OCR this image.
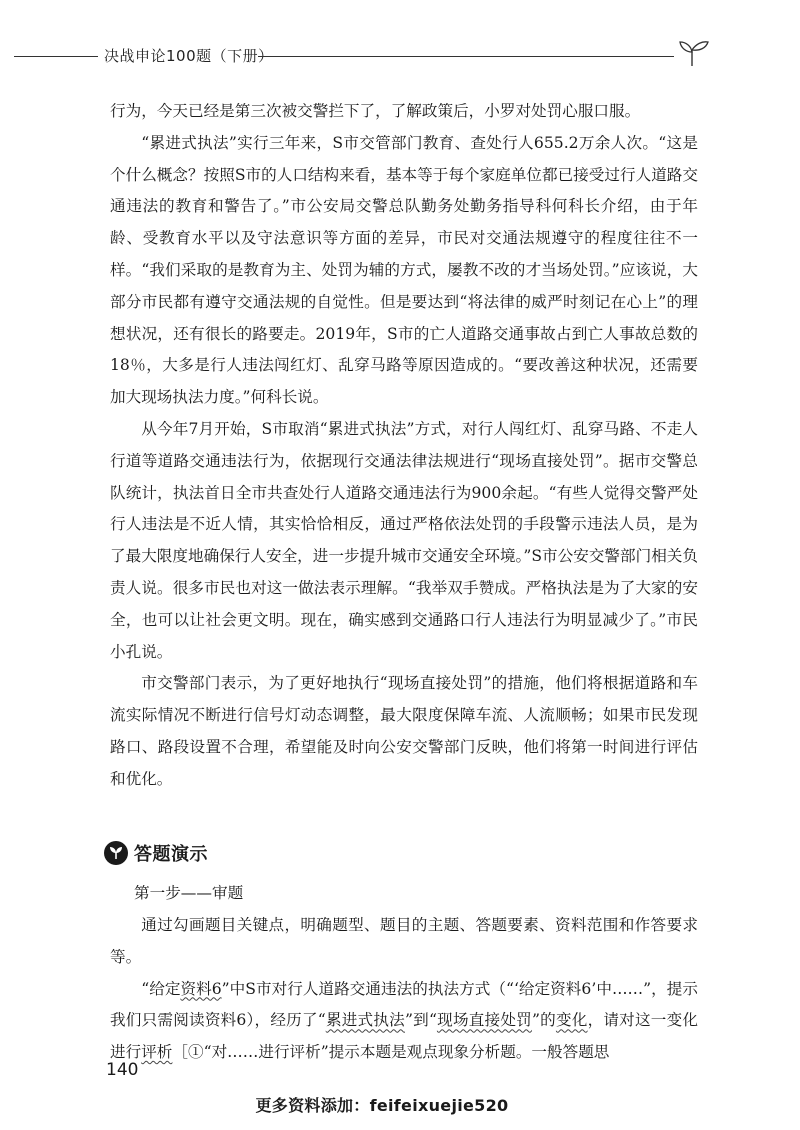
决战申论100题（下册）

行为，今天已经是第三次被交警拦下了，了解政策后，小罗对处罚心服口服。

“累进式执法”实行三年来，S市交管部门教育、查处行人655.2万余人次。“这是个什么概念？按照S市的人口结构来看，基本等于每个家庭单位都已接受过行人道路交通违法的教育和警告了。”市公安局交警总队勤务处勤务指导科何科长介绍，由于年龄、受教育水平以及守法意识等方面的差异，市民对交通法规遵守的程度往往不一样。“我们采取的是教育为主、处罚为辅的方式，屡教不改的才当场处罚。”应该说，大部分市民都有遵守交通法规的自觉性。但是要达到“将法律的威严时刻记在心上”的理想状况，还有很长的路要走。2019年，S市的亡人道路交通事故占到亡人事故总数的18％，大多是行人违法闯红灯、乱穿马路等原因造成的。“要改善这种状况，还需要加大现场执法力度。”何科长说。

从今年7月开始，S市取消“累进式执法”方式，对行人闯红灯、乱穿马路、不走人行道等道路交通违法行为，依据现行交通法律法规进行“现场直接处罚”。据市交警总队统计，执法首日全市共查处行人道路交通违法行为900余起。“有些人觉得交警严处行人违法是不近人情，其实恰恰相反，通过严格依法处罚的手段警示违法人员，是为了最大限度地确保行人安全，进一步提升城市交通安全环境。”S市公安交警部门相关负责人说。很多市民也对这一做法表示理解。“我举双手赞成。严格执法是为了大家的安全，也可以让社会更文明。现在，确实感到交通路口行人违法行为明显减少了。”市民小孔说。

市交警部门表示，为了更好地执行“现场直接处罚”的措施，他们将根据道路和车流实际情况不断进行信号灯动态调整，最大限度保障车流、人流顺畅；如果市民发现路口、路段设置不合理，希望能及时向公安交警部门反映，他们将第一时间进行评估和优化。

答题演示
第一步——审题

通过勾画题目关键点，明确题型、题目的主题、答题要素、资料范围和作答要求等。

“给定资料6”中S市对行人道路交通违法的执法方式（“‘给定资料6’中……”，提示我们只需阅读资料6），经历了“累进式执法”到“现场直接处罚”的变化，请对这一变化进行评析［①“对……进行评析”提示本题是观点现象分析题。一般答题思

140
更多资料添加：feifeixuejie520
